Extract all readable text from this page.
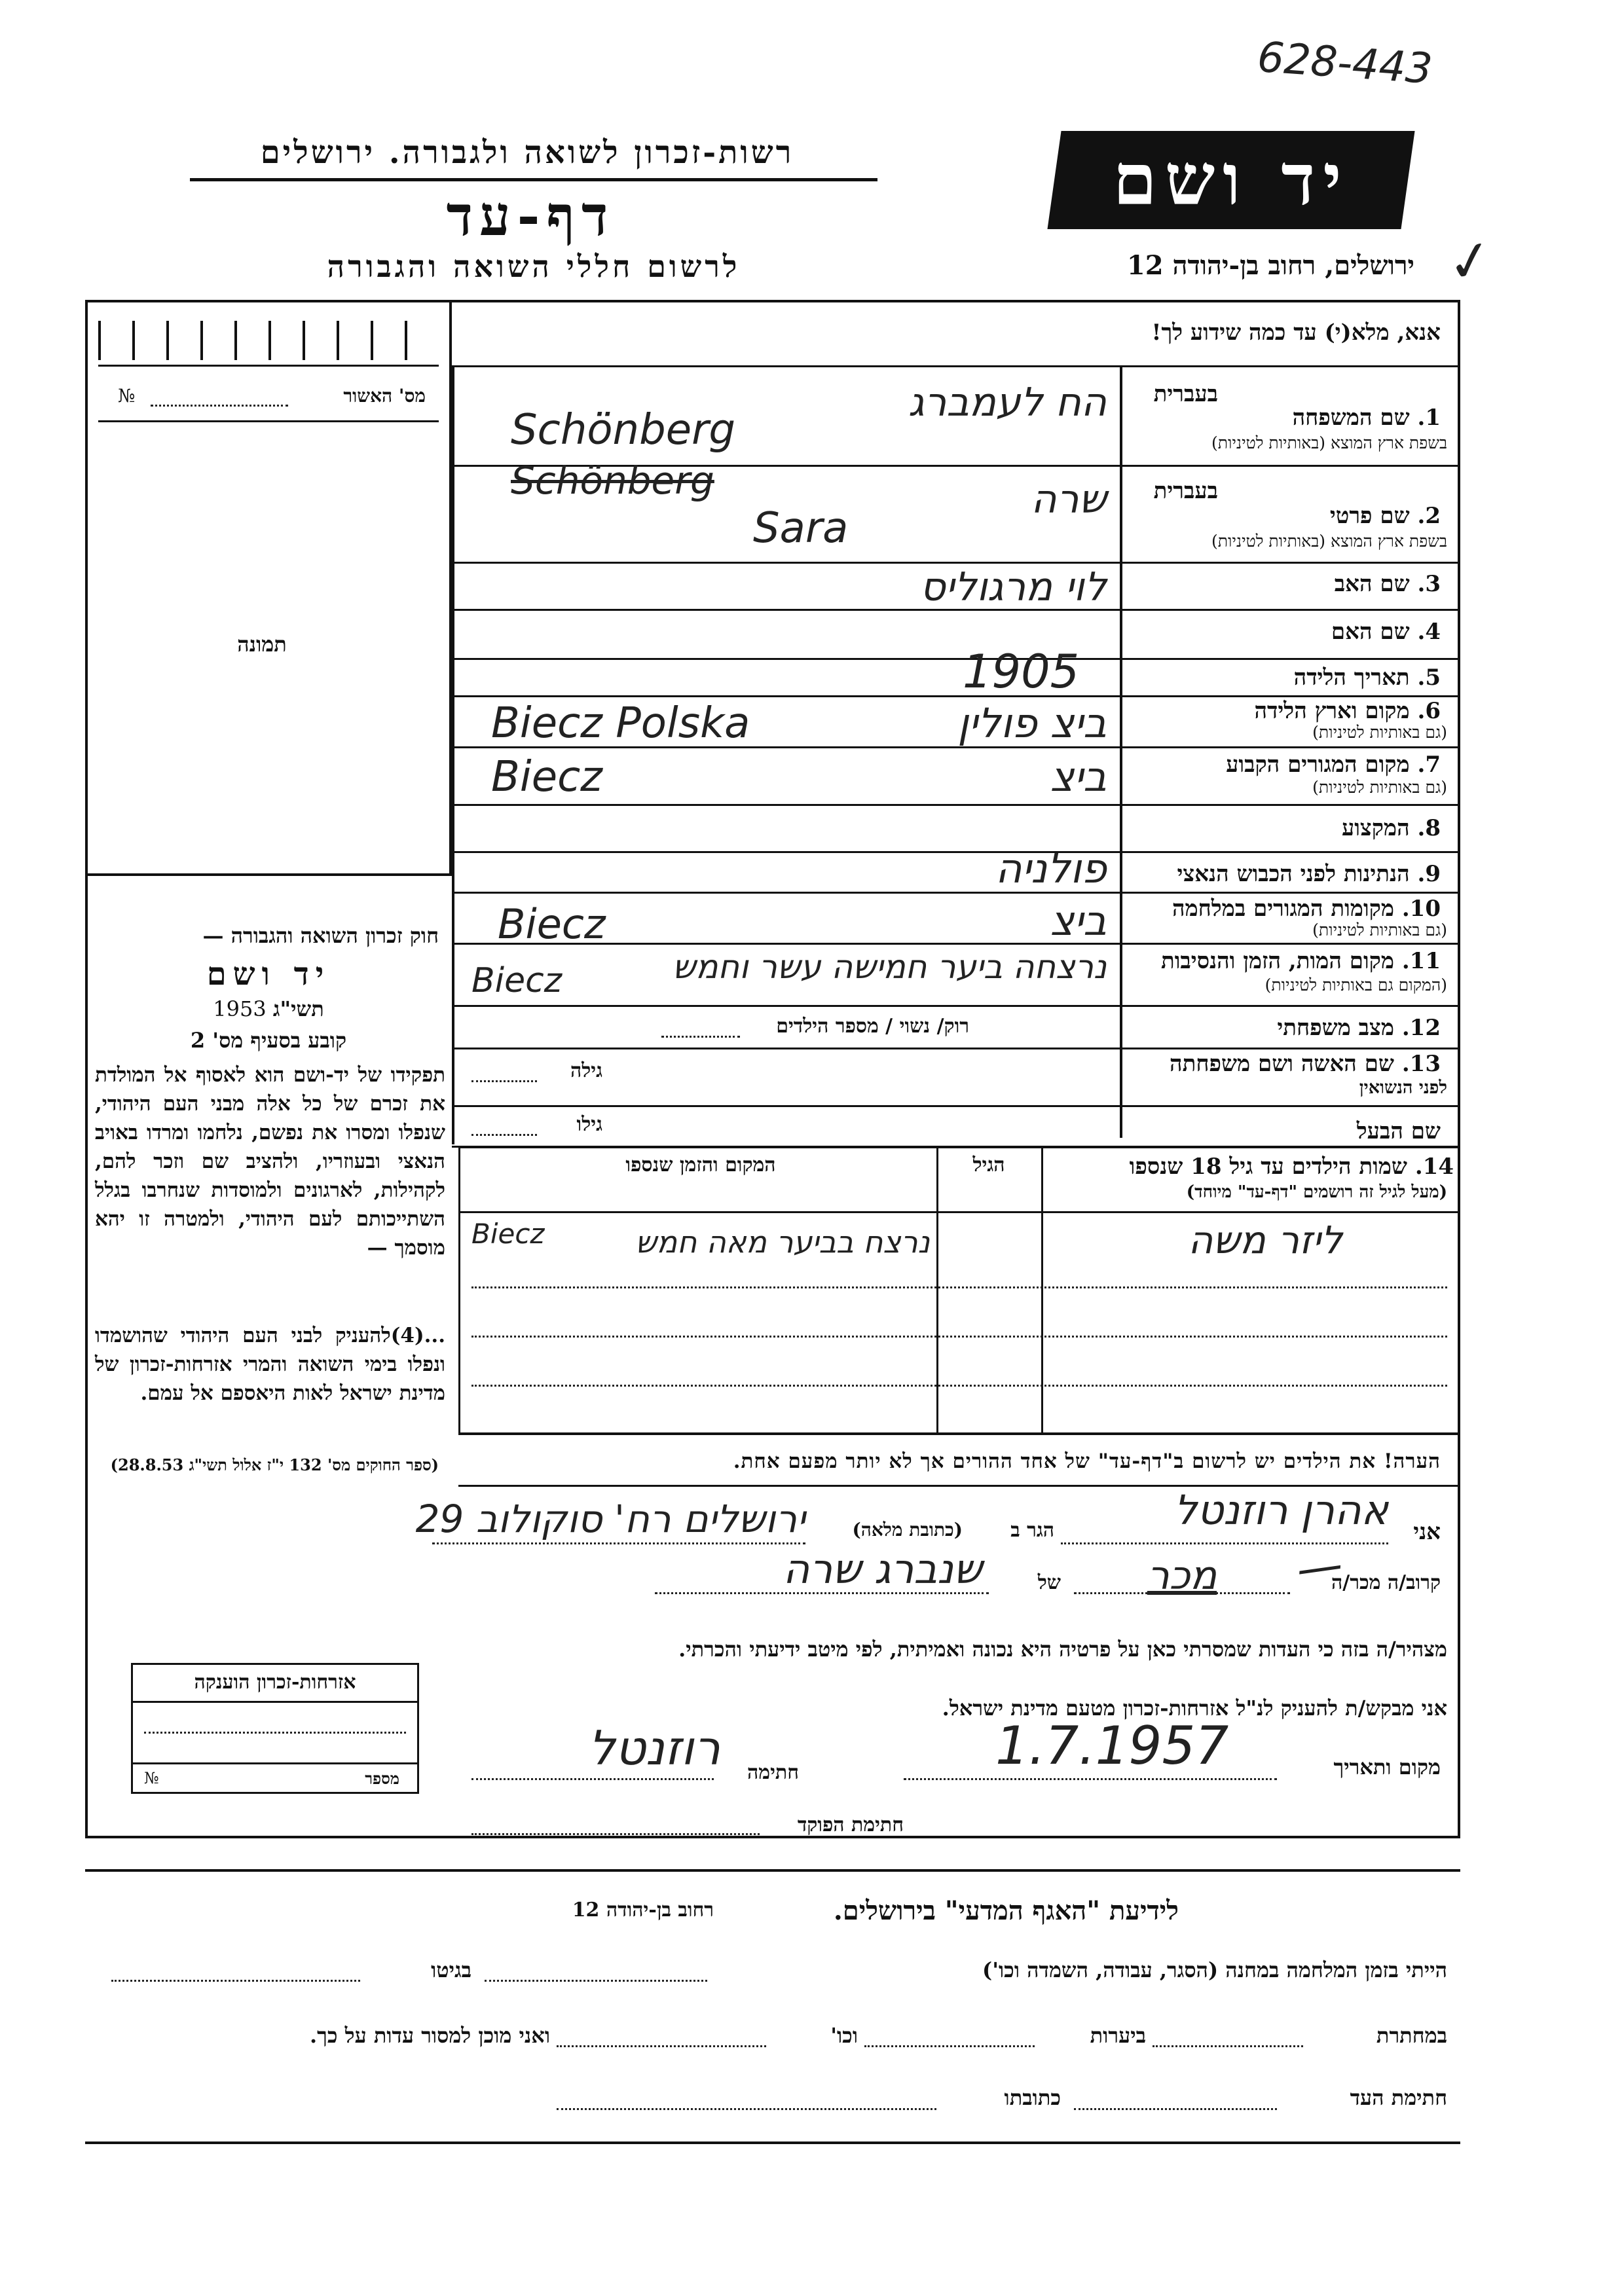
628-443
רשות-זכרון לשואה ולגבורה. ירושלים
דף-עד
לרשום חללי השואה והגבורה
יד ושם
ירושלים, רחוב בן-יהודה 12 ✓
אנא, מלא(י) עד כמה שידוע לך!
מס' האשור
№
תמונה
חוק זכרון השואה והגבורה —
יד ושם
1953 תשי"ג
קובע בסעיף מס' 2
תפקידו של יד-ושם הוא לאסוף אל המולדת את זכרם של כל אלה מבני העם היהודי, שנפלו ומסרו את נפשם, נלחמו ומרדו באויב הנאצי ובעוזריו, ולהציב שם וזכר להם, לקהילות, לארגונים ולמוסדות שנחרבו בגלל השתייכותם לעם היהודי, ולמטרה זו יהא מוסמך —
...(4)להעניק לבני העם היהודי שהושמדו ונפלו בימי השואה והמרי אזרחות-זכרון של מדינת ישראל לאות היאספם אל עמם.
(ספר החוקים מס' 132 י"ז אלול תשי"ג 28.8.53)
אזרחות-זכרון הוענקה
מספר
№
בעברית
1. שם המשפחה
בשפת ארץ המוצא (באותיות לטיניות)
הח לעמברג
Schönberg
Schönberg	בעברית
2. שם פרטי
בשפת ארץ המוצא (באותיות לטיניות)
שרה
Sara
3. שם האב
לוי מרגוליס
4. שם האם
5. תאריך הלידה
1905
6. מקום וארץ הלידה
(גם באותיות לטיניות)
ביצ פולין
Biecz Polska
7. מקום המגורים הקבוע
(גם באותיות לטיניות)
ביצ
Biecz
8. המקצוע
9. הנתינות לפני הכבוש הנאצי
פולניה
10. מקומות המגורים במלחמה
(גם באותיות לטיניות)
ביצ
Biecz
11. מקום המות, הזמן והנסיבות
(המקום גם באותיות לטיניות)
נרצחה ביער חמישה עשר וחמש
Biecz
12. מצב משפחתי
רוק/ נשוי / מספר הילדים
13. שם האשה ושם משפחתה
לפני הנשואין
גילה
שם הבעל
גילו
14. שמות הילדים עד גיל 18 שנספו
(מעל לגיל זה רושמים "דף-עד" מיוחד)
הגיל
המקום והזמן שנספו
ליזר משה
נרצח בביער מאה חמש
Biecz
הערה! את הילדים יש לרשום ב"דף-עד" של אחד ההורים אך לא יותר מפעם אחת.
אני
אהרן רוזנטל
הגר ב
(כתובת מלאה)
ירושלים רח' סוקולוב 29
קרוב/ה מכר/ה
מכר	—
של
שנברג שרה
מצהיר/ה בזה כי העדות שמסרתי כאן על פרטיה היא נכונה ואמיתית, לפי מיטב ידיעתי והכרתי.
אני מבקש/ת להעניק לנ"ל אזרחות-זכרון מטעם מדינת ישראל.
מקום ותאריך
1.7.1957
חתימה
רוזנטל
חתימת הפוקד
לידיעת "האגף המדעי" בירושלים.
רחוב בן-יהודה 12
הייתי בזמן המלחמה במחנה (הסגר, עבודה, השמדה וכו')
בגיטו
במחתרת
ביערות
וכו'
ואני מוכן למסור עדות על כך.
חתימת העד
כתובתו
